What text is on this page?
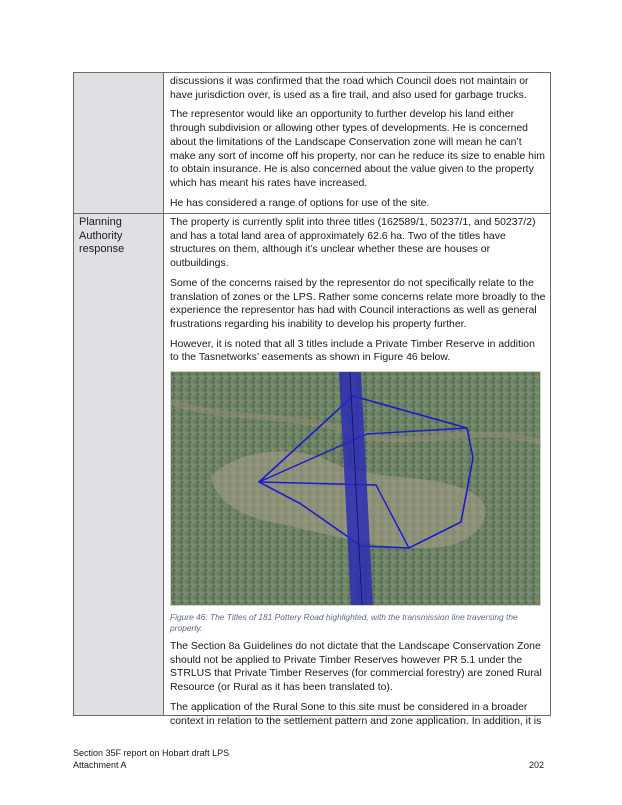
discussions it was confirmed that the road which Council does not maintain or have jurisdiction over, is used as a fire trail, and also used for garbage trucks.

The representor would like an opportunity to further develop his land either through subdivision or allowing other types of developments. He is concerned about the limitations of the Landscape Conservation zone will mean he can’t make any sort of income off his property, nor can he reduce its size to enable him to obtain insurance. He is also concerned about the value given to the property which has meant his rates have increased.

He has considered a range of options for use of the site.

Planning Authority response

The property is currently split into three titles (162589/1, 50237/1, and 50237/2) and has a total land area of approximately 62.6 ha. Two of the titles have structures on them, although it’s unclear whether these are houses or outbuildings.

Some of the concerns raised by the representor do not specifically relate to the translation of zones or the LPS. Rather some concerns relate more broadly to the experience the representor has had with Council interactions as well as general frustrations regarding his inability to develop his property further.

However, it is noted that all 3 titles include a Private Timber Reserve in addition to the Tasnetworks’ easements as shown in Figure 46 below.

Figure 46: The Titles of 181 Pottery Road highlighted, with the transmission line traversing the property.

The Section 8a Guidelines do not dictate that the Landscape Conservation Zone should not be applied to Private Timber Reserves however PR 5.1 under the STRLUS that Private Timber Reserves (for commercial forestry) are zoned Rural Resource (or Rural as it has been translated to).

The application of the Rural Sone to this site must be considered in a broader context in relation to the settlement pattern and zone application. In addition, it is

Section 35F report on Hobart draft LPS
Attachment A	202
